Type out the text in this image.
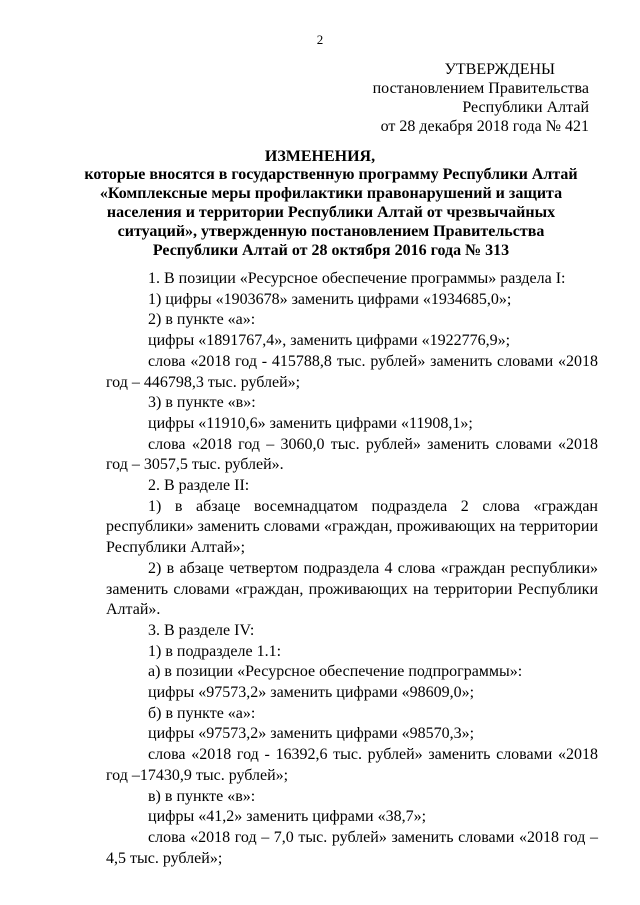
2
УТВЕРЖДЕНЫ
постановлением Правительства
Республики Алтай
от 28 декабря 2018 года № 421
ИЗМЕНЕНИЯ,
которые вносятся в государственную программу Республики Алтай «Комплексные меры профилактики правонарушений и защита населения и территории Республики Алтай от чрезвычайных ситуаций», утвержденную постановлением Правительства Республики Алтай от 28 октября 2016 года № 313

1. В позиции «Ресурсное обеспечение программы» раздела I:

1) цифры «1903678» заменить цифрами «1934685,0»;

2) в пункте «а»:

цифры «1891767,4», заменить цифрами «1922776,9»;

слова «2018 год - 415788,8 тыс. рублей» заменить словами «2018 год – 446798,3 тыс. рублей»;

3) в пункте «в»:

цифры «11910,6» заменить цифрами «11908,1»;

слова «2018 год – 3060,0 тыс. рублей» заменить словами «2018 год – 3057,5 тыс. рублей».

2. В разделе II:

1) в абзаце восемнадцатом подраздела 2 слова «граждан республики» заменить словами «граждан, проживающих на территории Республики Алтай»;

2) в абзаце четвертом подраздела 4 слова «граждан республики» заменить словами «граждан, проживающих на территории Республики Алтай».

3. В разделе IV:

1) в подразделе 1.1:

а) в позиции «Ресурсное обеспечение подпрограммы»:

цифры «97573,2» заменить цифрами «98609,0»;

б) в пункте «а»:

цифры «97573,2» заменить цифрами «98570,3»;

слова «2018 год - 16392,6 тыс. рублей» заменить словами «2018 год –17430,9 тыс. рублей»;

в) в пункте «в»:

цифры «41,2» заменить цифрами «38,7»;

слова «2018 год – 7,0 тыс. рублей» заменить словами «2018 год – 4,5 тыс. рублей»;
